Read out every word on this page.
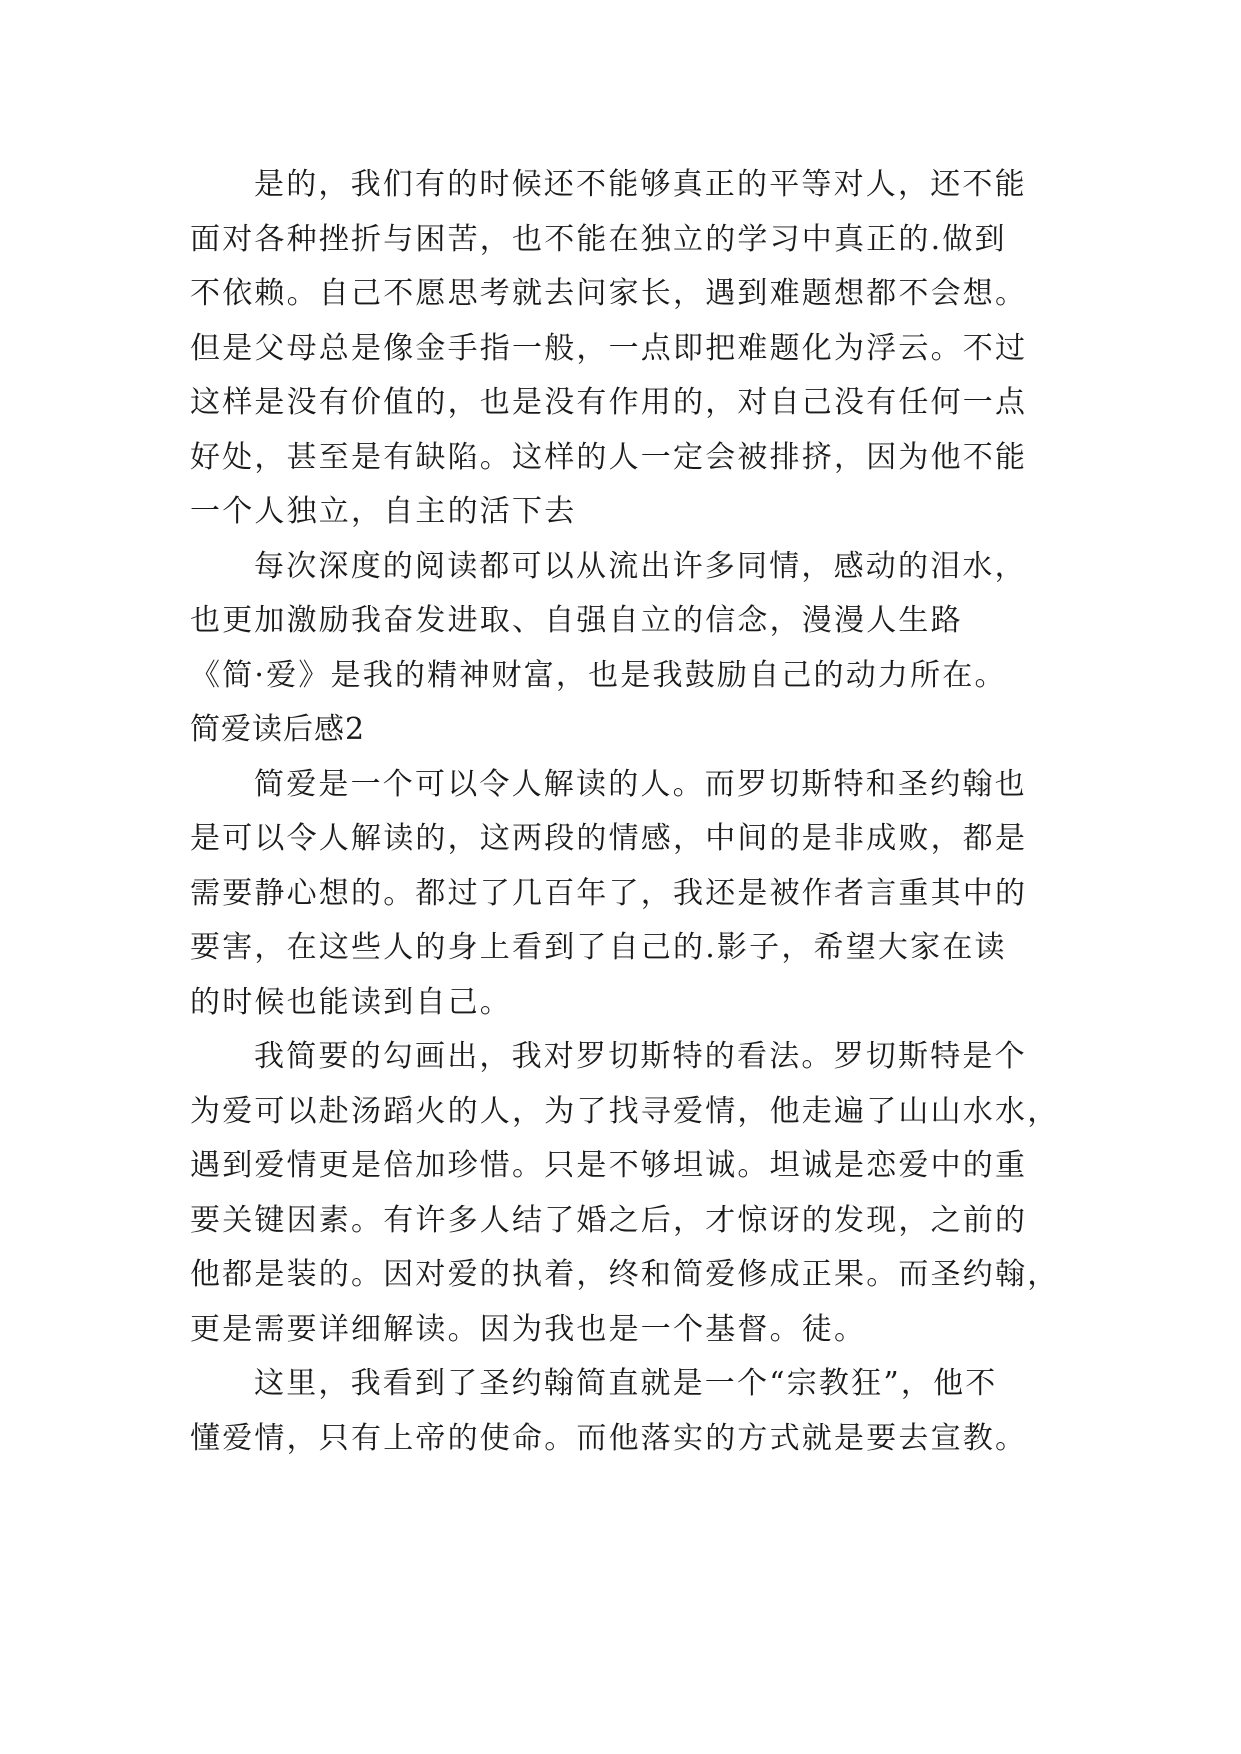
是的，我们有的时候还不能够真正的平等对人，还不能
面对各种挫折与困苦，也不能在独立的学习中真正的.做到
不依赖。自己不愿思考就去问家长，遇到难题想都不会想。
但是父母总是像金手指一般，一点即把难题化为浮云。不过
这样是没有价值的，也是没有作用的，对自己没有任何一点
好处，甚至是有缺陷。这样的人一定会被排挤，因为他不能
一个人独立，自主的活下去
每次深度的阅读都可以从流出许多同情，感动的泪水，
也更加激励我奋发进取、自强自立的信念，漫漫人生路
《简·爱》是我的精神财富，也是我鼓励自己的动力所在。
简爱读后感2
简爱是一个可以令人解读的人。而罗切斯特和圣约翰也
是可以令人解读的，这两段的情感，中间的是非成败，都是
需要静心想的。都过了几百年了，我还是被作者言重其中的
要害，在这些人的身上看到了自己的.影子，希望大家在读
的时候也能读到自己。
我简要的勾画出，我对罗切斯特的看法。罗切斯特是个
为爱可以赴汤蹈火的人，为了找寻爱情，他走遍了山山水水，
遇到爱情更是倍加珍惜。只是不够坦诚。坦诚是恋爱中的重
要关键因素。有许多人结了婚之后，才惊讶的发现，之前的
他都是装的。因对爱的执着，终和简爱修成正果。而圣约翰，
更是需要详细解读。因为我也是一个基督。徒。
这里，我看到了圣约翰简直就是一个“宗教狂”，他不
懂爱情，只有上帝的使命。而他落实的方式就是要去宣教。
